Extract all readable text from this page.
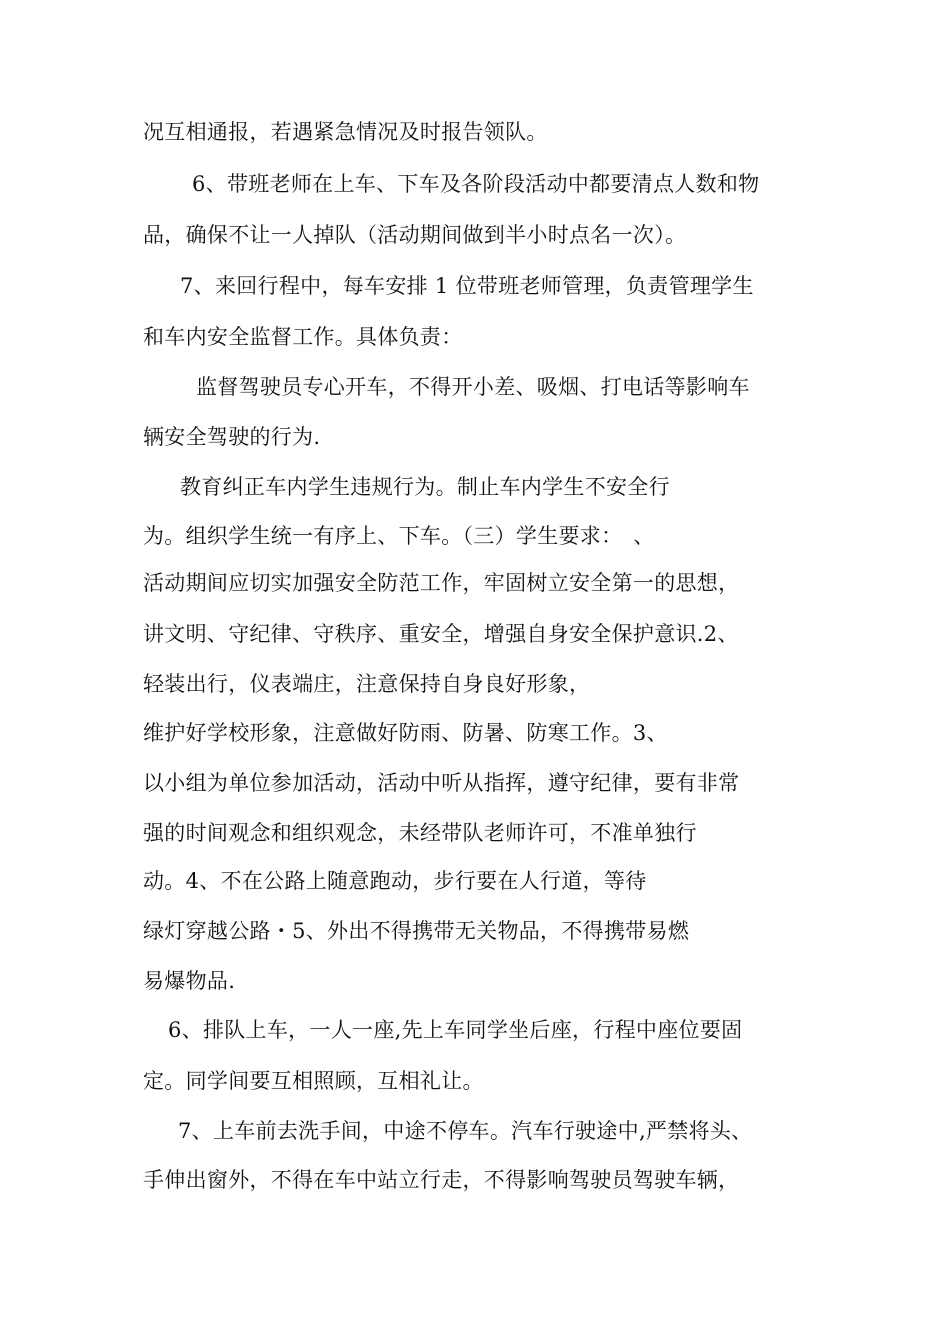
况互相通报，若遇紧急情况及时报告领队。
6、带班老师在上车、下车及各阶段活动中都要清点人数和物
品，确保不让一人掉队（活动期间做到半小时点名一次）。
7、来回行程中，每车安排 1 位带班老师管理，负责管理学生
和车内安全监督工作。具体负责：
监督驾驶员专心开车，不得开小差、吸烟、打电话等影响车
辆安全驾驶的行为.
教育纠正车内学生违规行为。制止车内学生不安全行
为。组织学生统一有序上、下车。（三）学生要求：　、
活动期间应切实加强安全防范工作，牢固树立安全第一的思想，
讲文明、守纪律、守秩序、重安全，增强自身安全保护意识.2、
轻装出行，仪表端庄，注意保持自身良好形象，
维护好学校形象，注意做好防雨、防暑、防寒工作。3、
以小组为单位参加活动，活动中听从指挥，遵守纪律，要有非常
强的时间观念和组织观念，未经带队老师许可，不准单独行
动。4、不在公路上随意跑动，步行要在人行道，等待
绿灯穿越公路・5、外出不得携带无关物品，不得携带易燃
易爆物品.
6、排队上车，一人一座,先上车同学坐后座，行程中座位要固
定。同学间要互相照顾，互相礼让。
7、上车前去洗手间，中途不停车。汽车行驶途中,严禁将头、
手伸出窗外，不得在车中站立行走，不得影响驾驶员驾驶车辆，
